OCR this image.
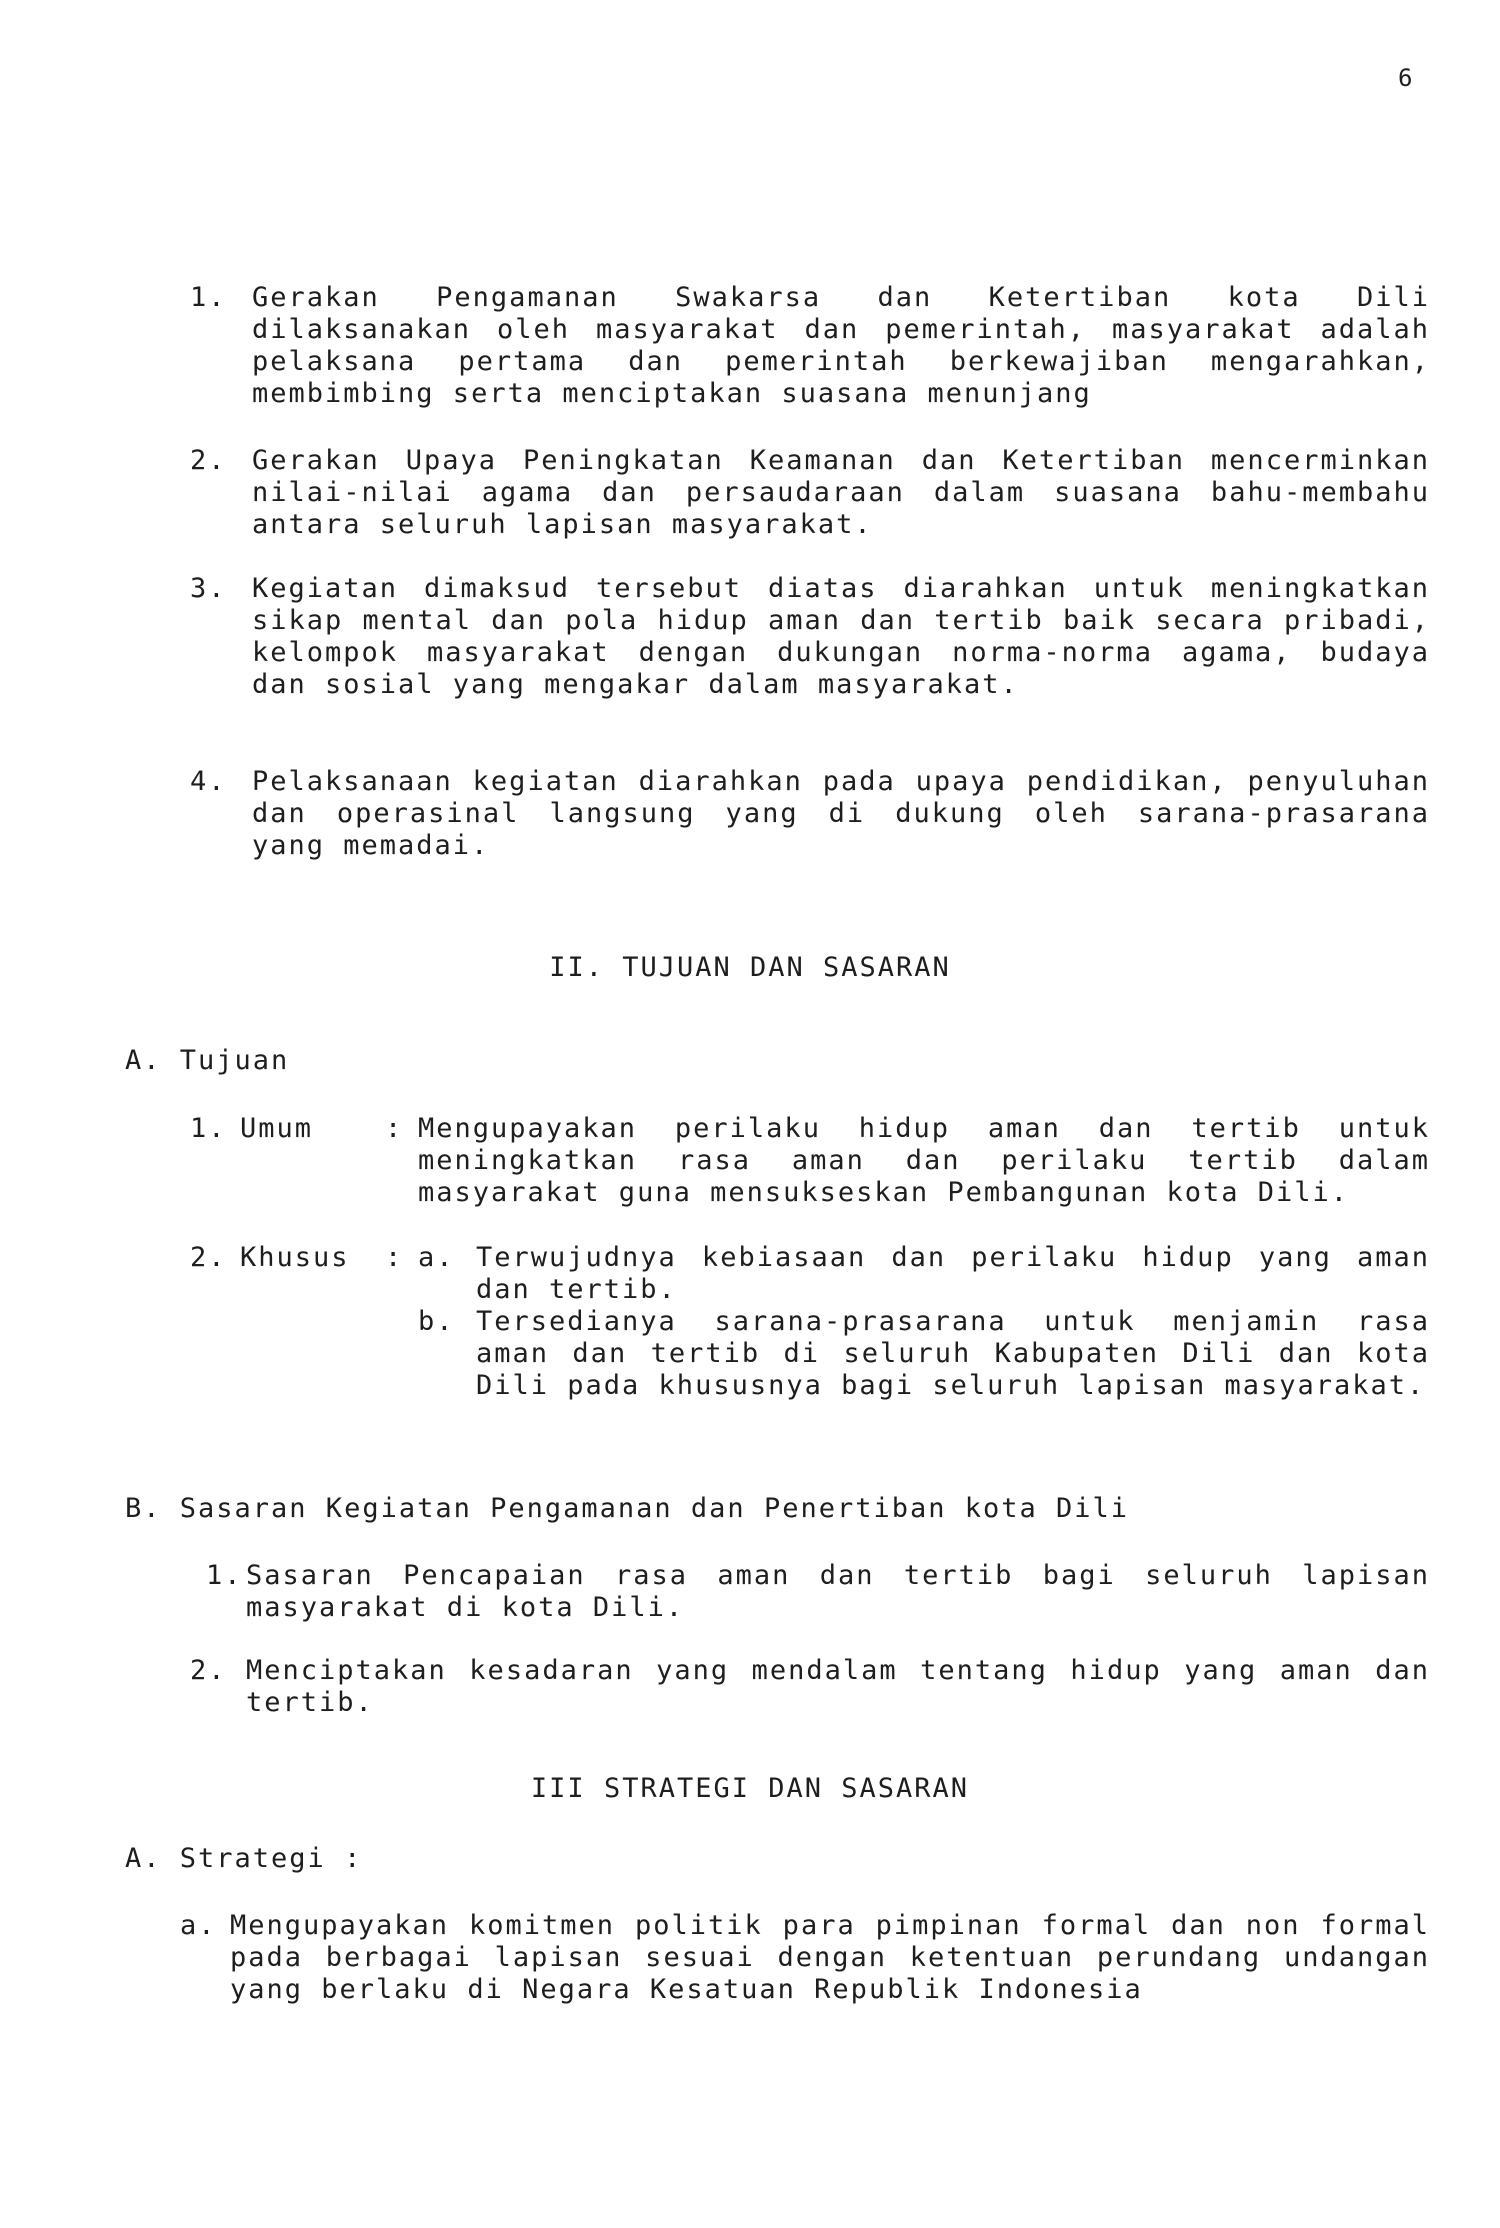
6
1. Gerakan Pengamanan Swakarsa dan Ketertiban kota Dili dilaksanakan oleh masyarakat dan pemerintah, masyarakat adalah pelaksana pertama dan pemerintah berkewajiban mengarahkan, membimbing serta menciptakan suasana menunjang
2. Gerakan Upaya Peningkatan Keamanan dan Ketertiban mencerminkan nilai-nilai agama dan persaudaraan dalam suasana bahu-membahu antara seluruh lapisan masyarakat.
3. Kegiatan dimaksud tersebut diatas diarahkan untuk meningkatkan sikap mental dan pola hidup aman dan tertib baik secara pribadi, kelompok masyarakat dengan dukungan norma-norma agama, budaya dan sosial yang mengakar dalam masyarakat.
4. Pelaksanaan kegiatan diarahkan pada upaya pendidikan, penyuluhan dan operasinal langsung yang di dukung oleh sarana-prasarana yang memadai.
II. TUJUAN DAN SASARAN
A. Tujuan
1. Umum	: Mengupayakan perilaku hidup aman dan tertib untuk meningkatkan rasa aman dan perilaku tertib dalam masyarakat guna mensukseskan Pembangunan kota Dili.
2. Khusus : a. Terwujudnya kebiasaan dan perilaku hidup yang aman dan tertib.
b. Tersedianya sarana-prasarana untuk menjamin rasa aman dan tertib di seluruh Kabupaten Dili dan kota Dili pada khususnya bagi seluruh lapisan masyarakat.
B. Sasaran Kegiatan Pengamanan dan Penertiban kota Dili
1. Sasaran Pencapaian rasa aman dan tertib bagi seluruh lapisan masyarakat di kota Dili.
2. Menciptakan kesadaran yang mendalam tentang hidup yang aman dan tertib.
III STRATEGI DAN SASARAN
A. Strategi :
a. Mengupayakan komitmen politik para pimpinan formal dan non formal pada berbagai lapisan sesuai dengan ketentuan perundang undangan yang berlaku di Negara Kesatuan Republik Indonesia
